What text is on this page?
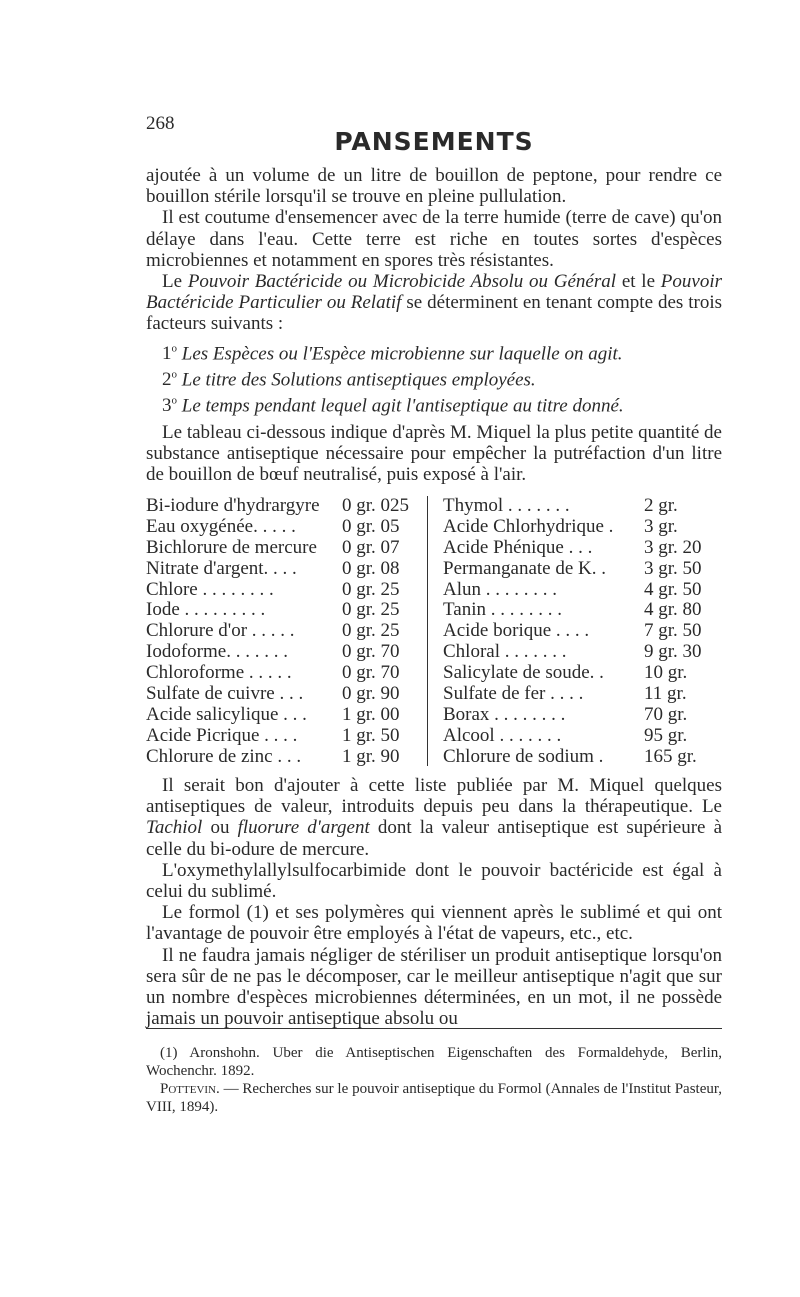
268
PANSEMENTS

ajoutée à un volume de un litre de bouillon de peptone, pour rendre ce bouillon stérile lorsqu'il se trouve en pleine pullulation.

Il est coutume d'ensemencer avec de la terre humide (terre de cave) qu'on délaye dans l'eau. Cette terre est riche en toutes sortes d'espèces microbiennes et notamment en spores très résistantes.

Le Pouvoir Bactéricide ou Microbicide Absolu ou Général et le Pouvoir Bactéricide Particulier ou Relatif se déterminent en tenant compte des trois facteurs suivants :

1$^o$ Les Espèces ou l'Espèce microbienne sur laquelle on agit.
2$^o$ Le titre des Solutions antiseptiques employées.
3$^o$ Le temps pendant lequel agit l'antiseptique au titre donné.

Le tableau ci-dessous indique d'après M. Miquel la plus petite quantité de substance antiseptique nécessaire pour empêcher la putréfaction d'un litre de bouillon de bœuf neutralisé, puis exposé à l'air.

Bi-iodure d'hydrargyre 0 gr. 025
Eau oxygénée. . . . . 0 gr. 05
Bichlorure de mercure 0 gr. 07
Nitrate d'argent. . . . 0 gr. 08
Chlore . . . . . . . .	0 gr. 25
Iode . . . . . . . . .	0 gr. 25
Chlorure d'or . . . . . 0 gr. 25
Iodoforme. . . . . . .	0 gr. 70
Chloroforme . . . . .	0 gr. 70
Sulfate de cuivre . . . 0 gr. 90
Acide salicylique . . . 1 gr. 00
Acide Picrique . . . . 1 gr. 50
Chlorure de zinc . . . 1 gr. 90
Thymol . . . . . . .	2 gr.
Acide Chlorhydrique . 3 gr.
Acide Phénique . . .	3 gr. 20
Permanganate de K. . 3 gr. 50
Alun . . . . . . . .	4 gr. 50
Tanin . . . . . . . .	4 gr. 80
Acide borique . . . .	7 gr. 50
Chloral . . . . . . .	9 gr. 30
Salicylate de soude. . 10 gr.
Sulfate de fer . . . .	11 gr.
Borax . . . . . . . .	70 gr.
Alcool . . . . . . .	95 gr.
Chlorure de sodium . 165 gr.

Il serait bon d'ajouter à cette liste publiée par M. Miquel quelques antiseptiques de valeur, introduits depuis peu dans la thérapeutique. Le Tachiol ou fluorure d'argent dont la valeur antiseptique est supérieure à celle du bi-odure de mercure.

L'oxymethylallylsulfocarbimide dont le pouvoir bactéricide est égal à celui du sublimé.

Le formol (1) et ses polymères qui viennent après le sublimé et qui ont l'avantage de pouvoir être employés à l'état de vapeurs, etc., etc.

Il ne faudra jamais négliger de stériliser un produit antiseptique lorsqu'on sera sûr de ne pas le décomposer, car le meilleur antiseptique n'agit que sur un nombre d'espèces microbiennes déterminées, en un mot, il ne possède jamais un pouvoir antiseptique absolu ou

(1) Aronshohn. Uber die Antiseptischen Eigenschaften des Formaldehyde, Berlin, Wochenchr. 1892.

Pottevin. — Recherches sur le pouvoir antiseptique du Formol (Annales de l'Institut Pasteur, VIII, 1894).
